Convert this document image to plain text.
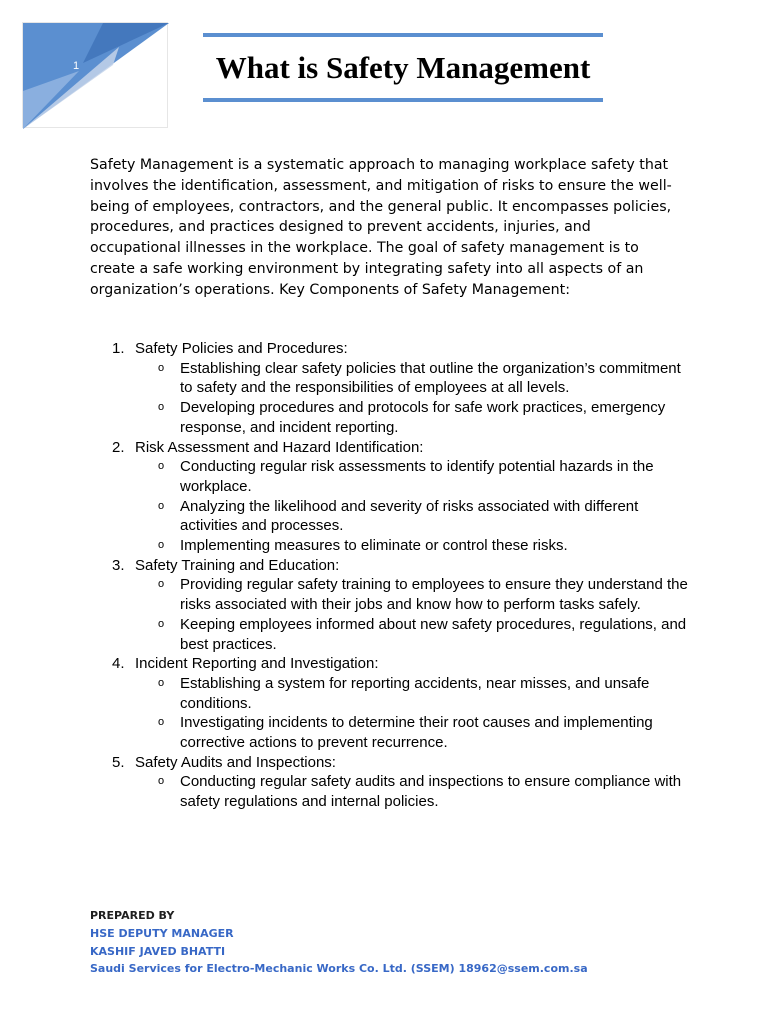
1	What is Safety Management

Safety Management is a systematic approach to managing workplace safety that involves the identification, assessment, and mitigation of risks to ensure the well-being of employees, contractors, and the general public. It encompasses policies, procedures, and practices designed to prevent accidents, injuries, and occupational illnesses in the workplace. The goal of safety management is to create a safe working environment by integrating safety into all aspects of an organization’s operations. Key Components of Safety Management:

1. Safety Policies and Procedures:
o Establishing clear safety policies that outline the organization’s commitment to safety and the responsibilities of employees at all levels.
o Developing procedures and protocols for safe work practices, emergency response, and incident reporting.
2. Risk Assessment and Hazard Identification:
o Conducting regular risk assessments to identify potential hazards in the workplace.
o Analyzing the likelihood and severity of risks associated with different activities and processes.
o Implementing measures to eliminate or control these risks.
3. Safety Training and Education:
o Providing regular safety training to employees to ensure they understand the risks associated with their jobs and know how to perform tasks safely.
o Keeping employees informed about new safety procedures, regulations, and best practices.
4. Incident Reporting and Investigation:
o Establishing a system for reporting accidents, near misses, and unsafe conditions.
o Investigating incidents to determine their root causes and implementing corrective actions to prevent recurrence.
5. Safety Audits and Inspections:
o Conducting regular safety audits and inspections to ensure compliance with safety regulations and internal policies.
PREPARED BY
HSE DEPUTY MANAGER
KASHIF JAVED BHATTI
Saudi Services for Electro-Mechanic Works Co. Ltd. (SSEM) 18962@ssem.com.sa
